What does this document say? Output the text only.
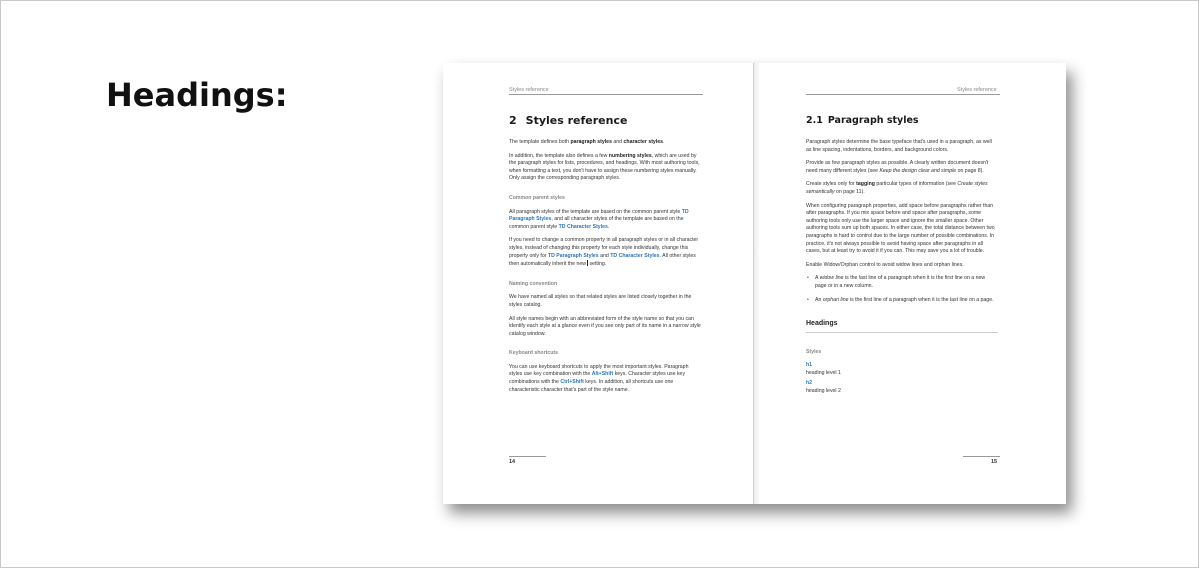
Headings:	Styles reference
2 Styles reference

The template defines both paragraph styles and character styles.

In addition, the template also defines a few numbering styles, which are used by the paragraph styles for lists, procedures, and headings. With most authoring tools, when formatting a text, you don't have to assign these numbering styles manually. Only assign the corresponding paragraph styles.

Common parent styles

All paragraph styles of the template are based on the common parent style TD Paragraph Styles, and all character styles of the template are based on the common parent style TD Character Styles.

If you need to change a common property in all paragraph styles or in all character styles, instead of changing this property for each style individually, change this property only for TD Paragraph Styles and TD Character Styles. All other styles then automatically inherit the new setting.

Naming convention

We have named all styles so that related styles are listed closely together in the styles catalog.

All style names begin with an abbreviated form of the style name so that you can identify each style at a glance even if you see only part of its name in a narrow style catalog window.

Keyboard shortcuts

You can use keyboard shortcuts to apply the most important styles. Paragraph styles use key combination with the Alt+Shift keys. Character styles use key combinations with the Ctrl+Shift keys. In addition, all shortcuts use one characteristic character that's part of the style name.

14
Styles reference
2.1 Paragraph styles

Paragraph styles determine the base typeface that's used in a paragraph, as well as line spacing, indentations, borders, and background colors.

Provide as few paragraph styles as possible. A clearly written document doesn't need many different styles (see Keep the design clear and simple on page 8).

Create styles only for tagging particular types of information (see Create styles semantically on page 11).

When configuring paragraph properties, add space before paragraphs rather than after paragraphs. If you mix space before and space after paragraphs, some authoring tools only use the larger space and ignore the smaller space. Other authoring tools sum up both spaces. In either case, the total distance between two paragraphs is hard to control due to the large number of possible combinations. In practice, it's not always possible to avoid having space after paragraphs in all cases, but at least try to avoid it if you can. This may save you a lot of trouble.

Enable Widow/Orphan control to avoid widow lines and orphan lines.

• A widow line is the last line of a paragraph when it is the first line on a new page or in a new column.

• An orphan line is the first line of a paragraph when it is the last line on a page.

Headings
Styles
h1

heading level 1

h2

heading level 2

15
